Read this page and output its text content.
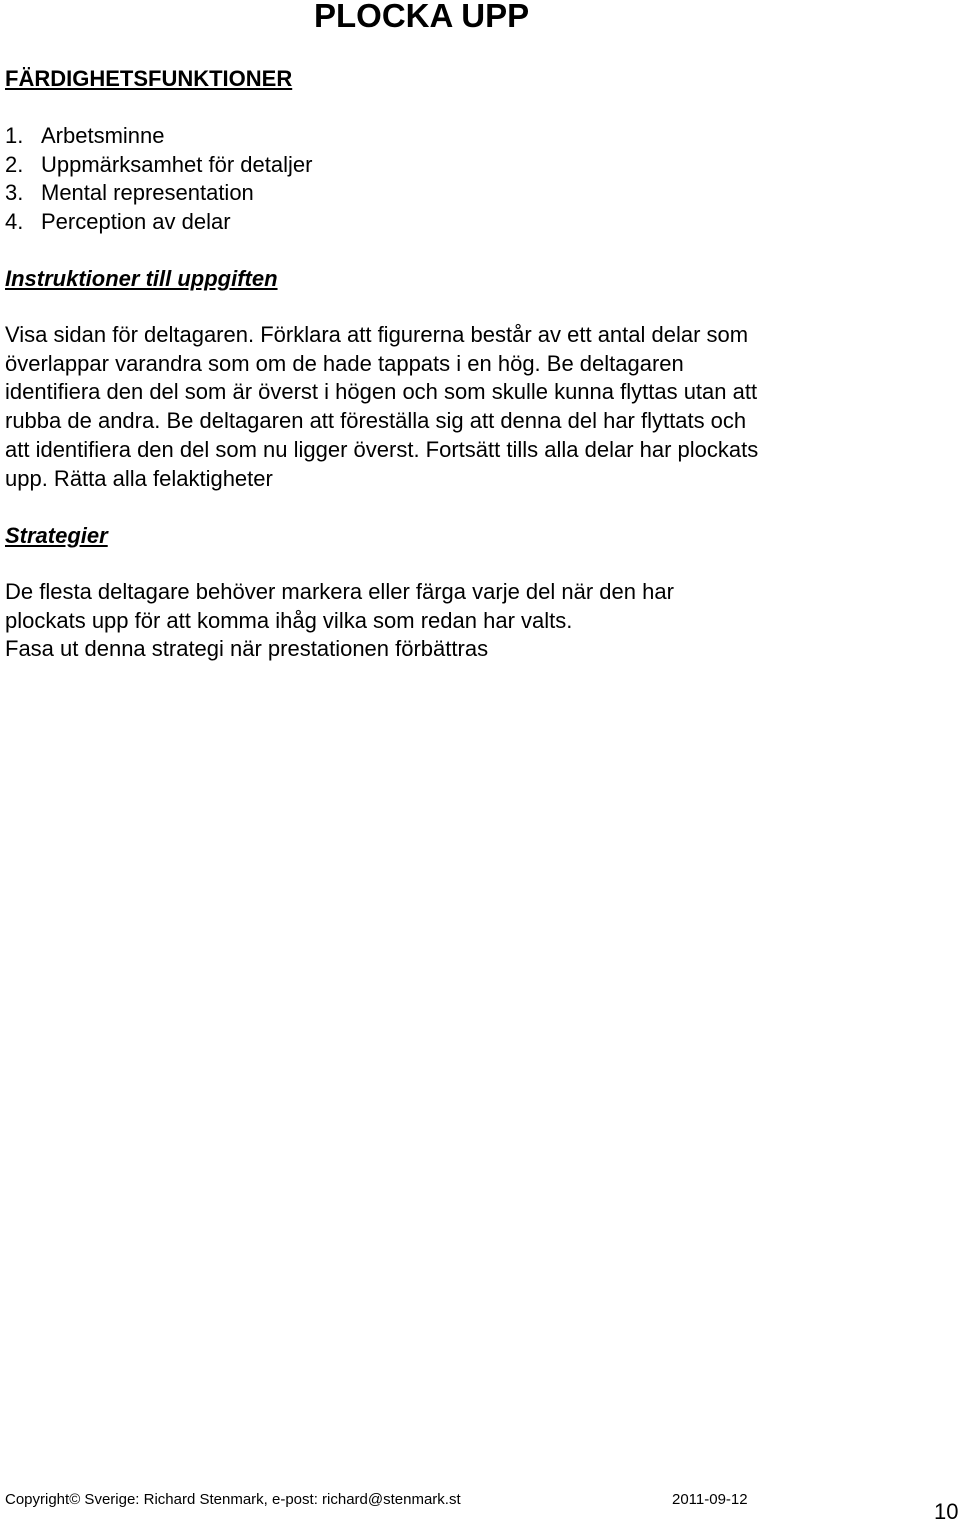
PLOCKA UPP
FÄRDIGHETSFUNKTIONER
1. Arbetsminne
2. Uppmärksamhet för detaljer
3. Mental representation
4. Perception av delar
Instruktioner till uppgiften

Visa sidan för deltagaren. Förklara att figurerna består av ett antal delar som
överlappar varandra som om de hade tappats i en hög. Be deltagaren
identifiera den del som är överst i högen och som skulle kunna flyttas utan att
rubba de andra. Be deltagaren att föreställa sig att denna del har flyttats och
att identifiera den del som nu ligger överst. Fortsätt tills alla delar har plockats
upp. Rätta alla felaktigheter

Strategier

De flesta deltagare behöver markera eller färga varje del när den har
plockats upp för att komma ihåg vilka som redan har valts.
Fasa ut denna strategi när prestationen förbättras

Copyright© Sverige: Richard Stenmark, e-post: richard@stenmark.st	2011-09-12	10
